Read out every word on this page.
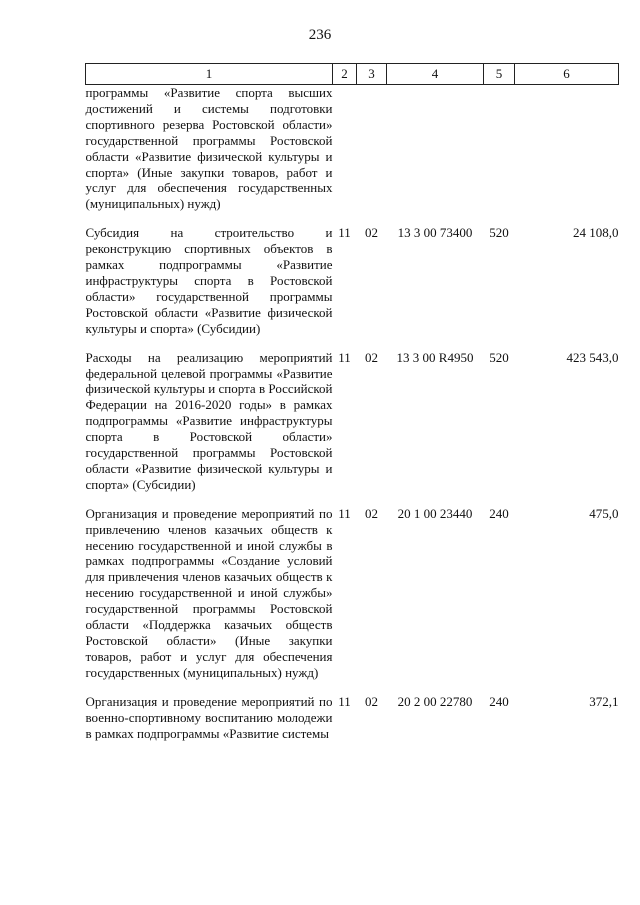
236
1	2	3	4	5	6
программы «Развитие спорта высших достижений и системы подготовки спортивного резерва Ростовской области» государственной программы Ростовской области «Развитие физической культуры и спорта» (Иные закупки товаров, работ и услуг для обеспечения государственных (муниципальных) нужд)					
Субсидия на строительство и реконструкцию спортивных объектов в рамках подпрограммы «Развитие инфраструктуры спорта в Ростовской области» государственной программы Ростовской области «Развитие физической культуры и спорта» (Субсидии)	11	02	13 3 00 73400	520	24 108,0
Расходы на реализацию мероприятий федеральной целевой программы «Развитие физической культуры и спорта в Российской Федерации на 2016-2020 годы» в рамках подпрограммы «Развитие инфраструктуры спорта в Ростовской области» государственной программы Ростовской области «Развитие физической культуры и спорта» (Субсидии)	11	02	13 3 00 R4950	520	423 543,0
Организация и проведение мероприятий по привлечению членов казачьих обществ к несению государственной и иной службы в рамках подпрограммы «Создание условий для привлечения членов казачьих обществ к несению государственной и иной службы» государственной программы Ростовской области «Поддержка казачьих обществ Ростовской области» (Иные закупки товаров, работ и услуг для обеспечения государственных (муниципальных) нужд)	11	02	20 1 00 23440	240	475,0
Организация и проведение мероприятий по военно-спортивному воспитанию молодежи в рамках подпрограммы «Развитие системы	11	02	20 2 00 22780	240	372,1
